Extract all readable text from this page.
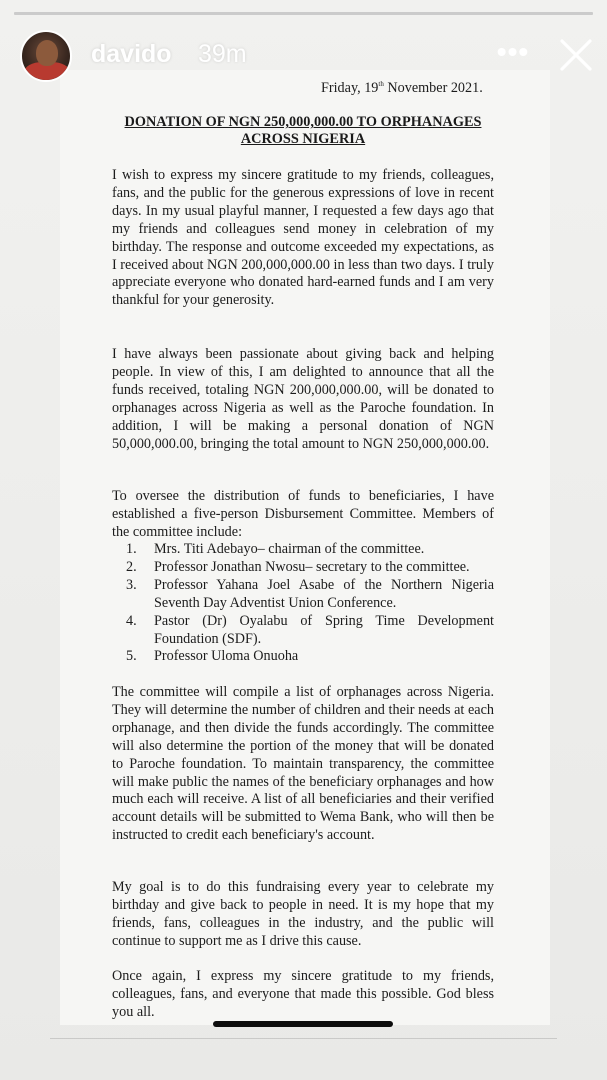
davido 39m	•••
Friday, 19th November 2021.
DONATION OF NGN 250,000,000.00 TO ORPHANAGES ACROSS NIGERIA

I wish to express my sincere gratitude to my friends, colleagues, fans, and the public for the generous expressions of love in recent days. In my usual playful manner, I requested a few days ago that my friends and colleagues send money in celebration of my birthday. The response and outcome exceeded my expectations, as I received about NGN 200,000,000.00 in less than two days. I truly appreciate everyone who donated hard-earned funds and I am very thankful for your generosity.

I have always been passionate about giving back and helping people. In view of this, I am delighted to announce that all the funds received, totaling NGN 200,000,000.00, will be donated to orphanages across Nigeria as well as the Paroche foundation. In addition, I will be making a personal donation of NGN 50,000,000.00, bringing the total amount to NGN 250,000,000.00.

To oversee the distribution of funds to beneficiaries, I have established a five-person Disbursement Committee. Members of the committee include:

1.	Mrs. Titi Adebayo– chairman of the committee.
2.	Professor Jonathan Nwosu– secretary to the committee.
3.	Professor Yahana Joel Asabe of the Northern Nigeria Seventh Day Adventist Union Conference.
4.	Pastor (Dr) Oyalabu of Spring Time Development Foundation (SDF).
5.	Professor Uloma Onuoha

The committee will compile a list of orphanages across Nigeria. They will determine the number of children and their needs at each orphanage, and then divide the funds accordingly. The committee will also determine the portion of the money that will be donated to Paroche foundation. To maintain transparency, the committee will make public the names of the beneficiary orphanages and how much each will receive. A list of all beneficiaries and their verified account details will be submitted to Wema Bank, who will then be instructed to credit each beneficiary's account.

My goal is to do this fundraising every year to celebrate my birthday and give back to people in need. It is my hope that my friends, fans, colleagues in the industry, and the public will continue to support me as I drive this cause.

Once again, I express my sincere gratitude to my friends, colleagues, fans, and everyone that made this possible. God bless you all.
